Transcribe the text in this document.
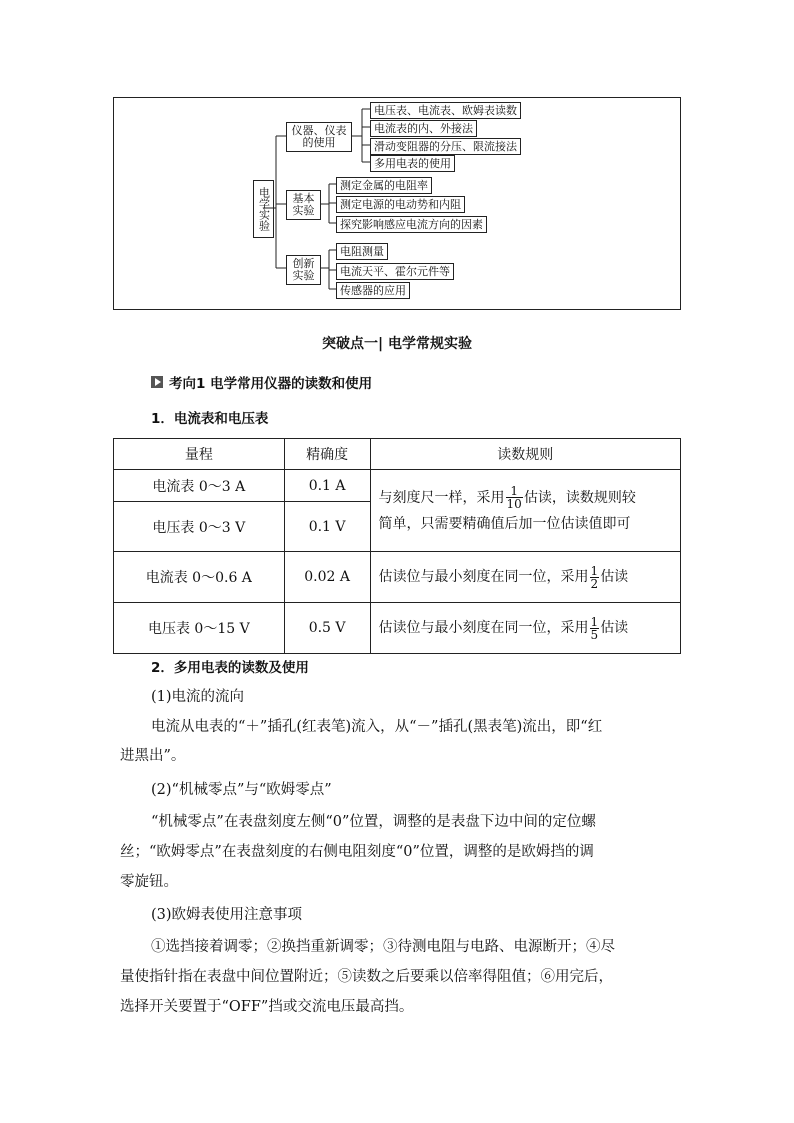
电学实验
仪器、仪表的使用
基本实验
创新实验
电压表、电流表、欧姆表读数
电流表的内、外接法
滑动变阻器的分压、限流接法
多用电表的使用
测定金属的电阻率
测定电源的电动势和内阻
探究影响感应电流方向的因素
电阻测量
电流天平、霍尔元件等
传感器的应用
突破点一| 电学常规实验
考向1 电学常用仪器的读数和使用
1．电流表和电压表
量程	精确度	读数规则
电流表 0～3 A	0.1 A	与刻度尺一样，采用 $\frac{1}{10}$ 估读，读数规则较
简单，只需要精确值后加一位估读值即可

电压表 0～3 V	0.1 V	
电流表 0～0.6 A	0.02 A	估读位与最小刻度在同一位，采用 $\frac{1}{2}$ 估读
电压表 0～15 V	0.5 V	估读位与最小刻度在同一位，采用 $\frac{1}{5}$ 估读
2．多用电表的读数及使用
(1)电流的流向
电流从电表的“＋”插孔(红表笔)流入，从“－”插孔(黑表笔)流出，即“红
进黑出”。
(2)“机械零点”与“欧姆零点”
“机械零点”在表盘刻度左侧“0”位置，调整的是表盘下边中间的定位螺
丝；“欧姆零点”在表盘刻度的右侧电阻刻度“0”位置，调整的是欧姆挡的调
零旋钮。
(3)欧姆表使用注意事项
①选挡接着调零；②换挡重新调零；③待测电阻与电路、电源断开；④尽
量使指针指在表盘中间位置附近；⑤读数之后要乘以倍率得阻值；⑥用完后，
选择开关要置于“OFF”挡或交流电压最高挡。
